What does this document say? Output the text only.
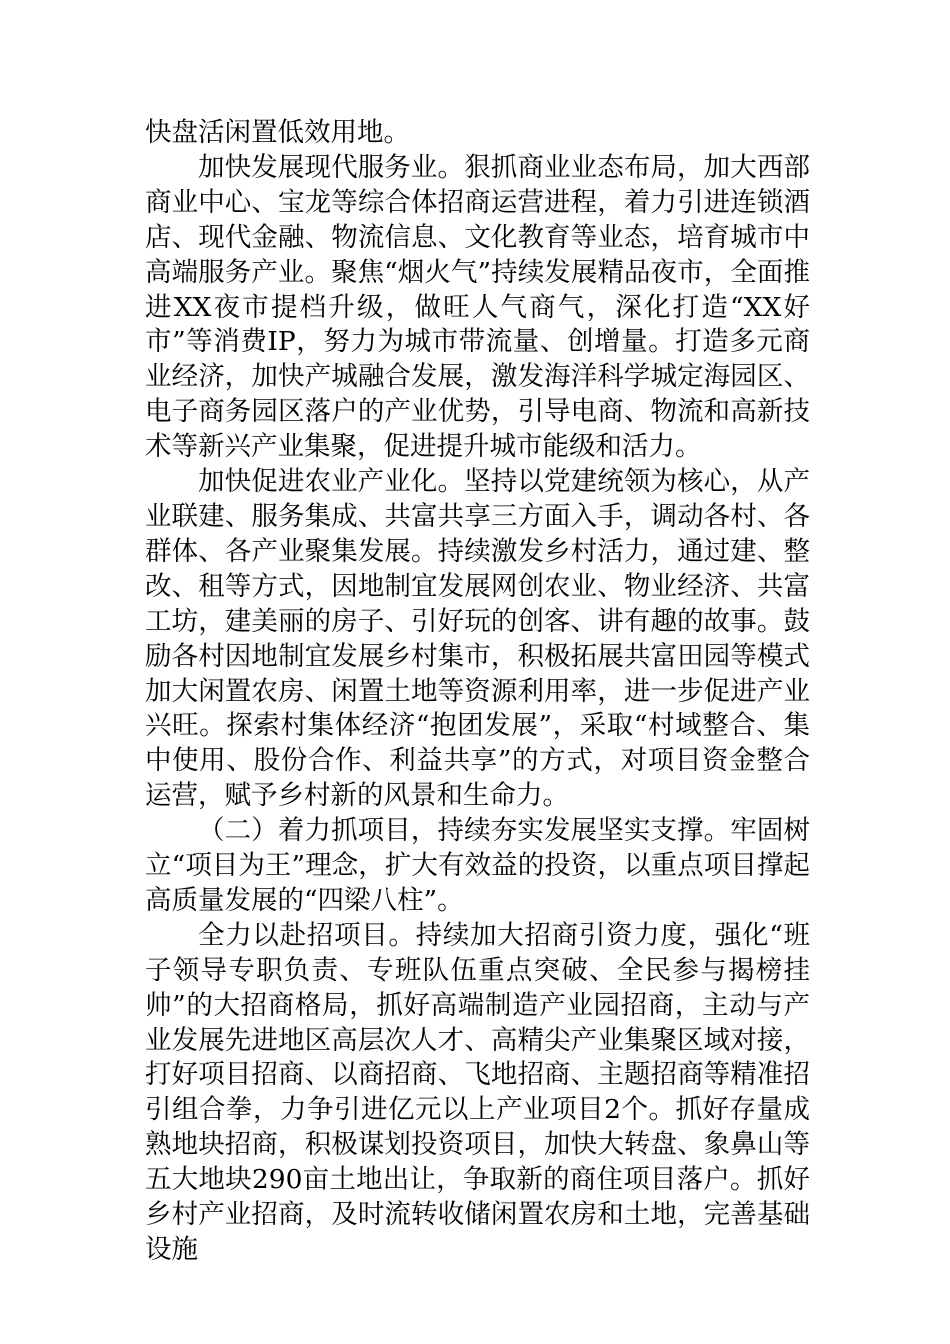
快盘活闲置低效用地。

加快发展现代服务业。狠抓商业业态布局，加大西部商业中心、宝龙等综合体招商运营进程，着力引进连锁酒店、现代金融、物流信息、文化教育等业态，培育城市中高端服务产业。聚焦“烟火气”持续发展精品夜市，全面推进XX夜市提档升级，做旺人气商气，深化打造“XX好市”等消费IP，努力为城市带流量、创增量。打造多元商业经济，加快产城融合发展，激发海洋科学城定海园区、电子商务园区落户的产业优势，引导电商、物流和高新技术等新兴产业集聚，促进提升城市能级和活力。

加快促进农业产业化。坚持以党建统领为核心，从产业联建、服务集成、共富共享三方面入手，调动各村、各群体、各产业聚集发展。持续激发乡村活力，通过建、整改、租等方式，因地制宜发展网创农业、物业经济、共富工坊，建美丽的房子、引好玩的创客、讲有趣的故事。鼓励各村因地制宜发展乡村集市，积极拓展共富田园等模式加大闲置农房、闲置土地等资源利用率，进一步促进产业兴旺。探索村集体经济“抱团发展”，采取“村域整合、集中使用、股份合作、利益共享”的方式，对项目资金整合运营，赋予乡村新的风景和生命力。

（二）着力抓项目，持续夯实发展坚实支撑。牢固树立“项目为王”理念，扩大有效益的投资，以重点项目撑起高质量发展的“四梁八柱”。

全力以赴招项目。持续加大招商引资力度，强化“班子领导专职负责、专班队伍重点突破、全民参与揭榜挂帅”的大招商格局，抓好高端制造产业园招商，主动与产业发展先进地区高层次人才、高精尖产业集聚区域对接，打好项目招商、以商招商、飞地招商、主题招商等精准招引组合拳，力争引进亿元以上产业项目2个。抓好存量成熟地块招商，积极谋划投资项目，加快大转盘、象鼻山等五大地块290亩土地出让，争取新的商住项目落户。抓好乡村产业招商，及时流转收储闲置农房和土地，完善基础设施
